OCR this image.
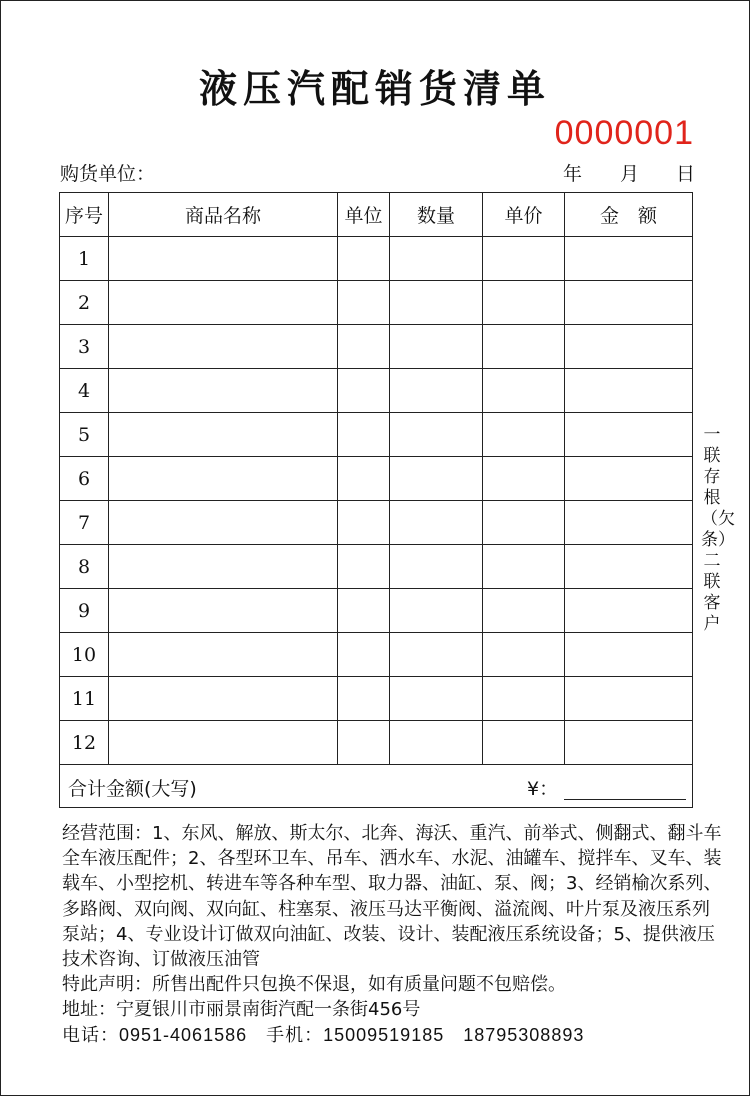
液压汽配销货清单
0000001
购货单位：	年 月 日
序号	商品名称	单位	数量	单价	金　额
1					
2					
3					
4					
5					
6					
7					
8					
9					
10					
11					
12					

合计金额(大写) ¥：					
一联存根（欠条）二联客户
经营范围：1、东风、解放、斯太尔、北奔、海沃、重汽、前举式、侧翻式、翻斗车全车液压配件；2、各型环卫车、吊车、洒水车、水泥、油罐车、搅拌车、叉车、装载车、小型挖机、转进车等各种车型、取力器、油缸、泵、阀；3、经销榆次系列、多路阀、双向阀、双向缸、柱塞泵、液压马达平衡阀、溢流阀、叶片泵及液压系列泵站；4、专业设计订做双向油缸、改装、设计、装配液压系统设备；5、提供液压技术咨询、订做液压油管
特此声明：所售出配件只包换不保退，如有质量问题不包赔偿。
地址：宁夏银川市丽景南街汽配一条街456号
电话：0951-4061586　手机：15009519185　18795308893
